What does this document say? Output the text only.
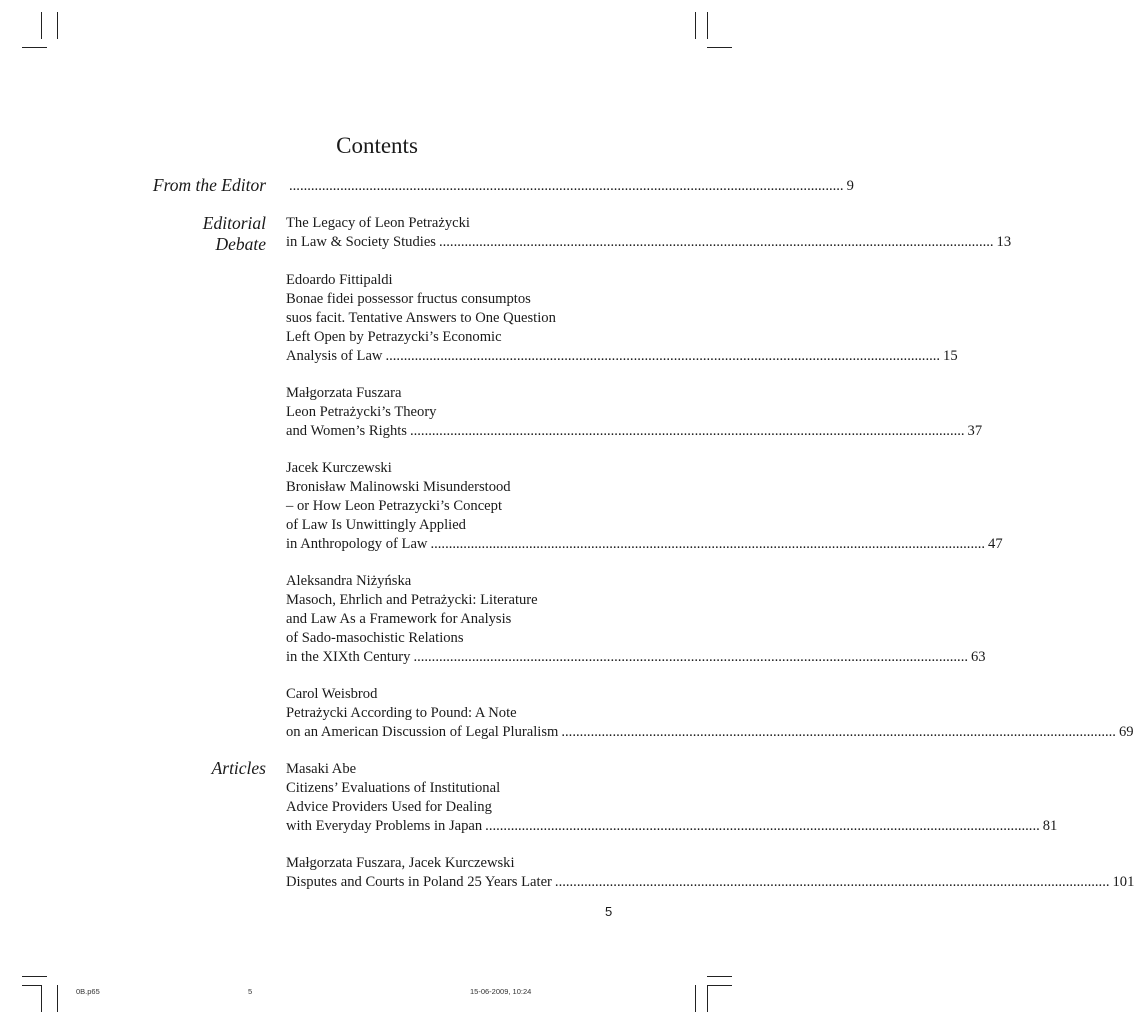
Contents
From the Editor
Editorial
Debate
Articles
........................................................................................................................................................ 9
The Legacy of Leon Petrażycki
in Law & Society Studies ........................................................................................................................................................ 13
Edoardo Fittipaldi
Bonae fidei possessor fructus consumptos
suos facit. Tentative Answers to One Question
Left Open by Petrazycki’s Economic
Analysis of Law ........................................................................................................................................................ 15
Małgorzata Fuszara
Leon Petrażycki’s Theory
and Women’s Rights ........................................................................................................................................................ 37
Jacek Kurczewski
Bronisław Malinowski Misunderstood
– or How Leon Petrazycki’s Concept
of Law Is Unwittingly Applied
in Anthropology of Law ........................................................................................................................................................ 47
Aleksandra Niżyńska
Masoch, Ehrlich and Petrażycki: Literature
and Law As a Framework for Analysis
of Sado-masochistic Relations
in the XIXth Century ........................................................................................................................................................ 63
Carol Weisbrod
Petrażycki According to Pound: A Note
on an American Discussion of Legal Pluralism ........................................................................................................................................................ 69
Masaki Abe
Citizens’ Evaluations of Institutional
Advice Providers Used for Dealing
with Everyday Problems in Japan ........................................................................................................................................................ 81
Małgorzata Fuszara, Jacek Kurczewski
Disputes and Courts in Poland 25 Years Later ........................................................................................................................................................ 101
5
0B.p65	5	15-06-2009, 10:24
